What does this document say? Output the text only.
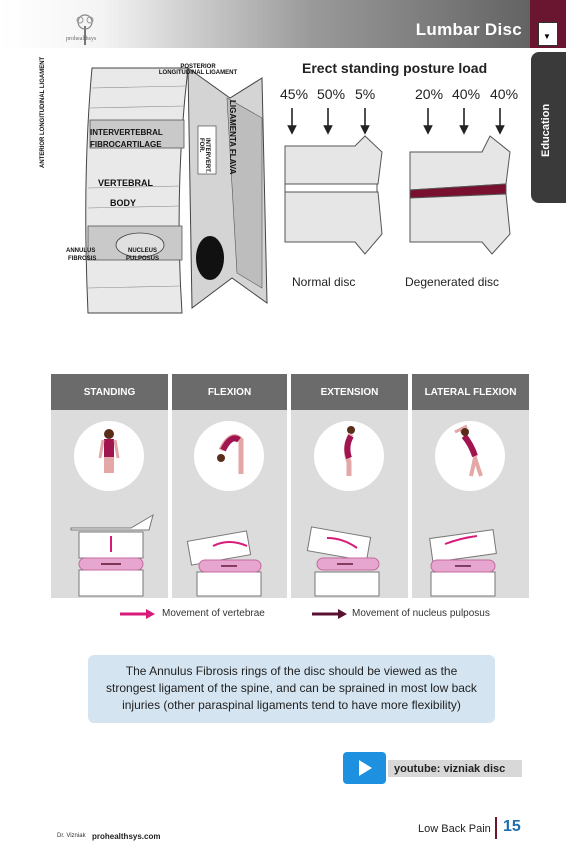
prohealthsys	Lumbar Disc	▼
Education
POSTERIOR LONGITUDINAL LIGAMENT
INTERVERTEBRAL
FIBROCARTILAGE
VERTEBRAL
BODY
ANNULUS
FIBROSIS
NUCLEUS
PULPOSUS
INTERVERT. FOR.	LIGAMENTA FLAVA
ANTERIOR LONGITUDINAL LIGAMENT	Erect standing posture load
45% 50% 5%	20% 40% 40%
Normal disc	Degenerated disc
STANDING	FLEXION	EXTENSION	LATERAL FLEXION
Movement of vertebrae	Movement of nucleus pulposus
The Annulus Fibrosis rings of the disc should be viewed as the strongest ligament of the spine, and can be sprained in most low back injuries (other paraspinal ligaments tend to have more flexibility)
youtube: vizniak disc
Dr. Vizniak prohealthsys.com
Low Back Pain 15
